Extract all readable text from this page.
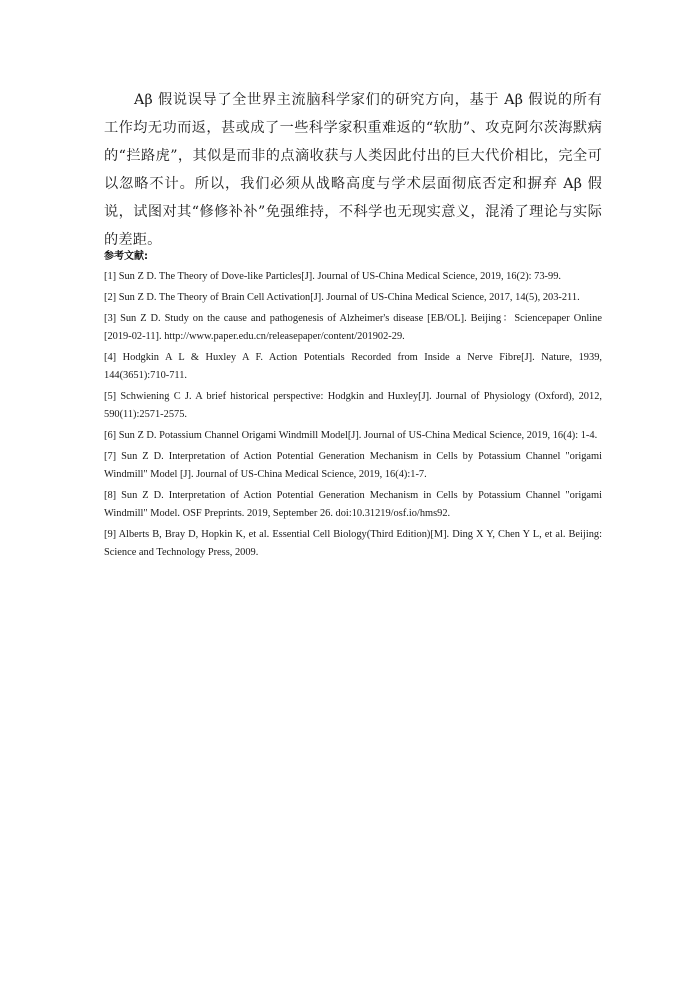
Aβ 假说误导了全世界主流脑科学家们的研究方向，基于 Aβ 假说的所有工作均无功而返，甚或成了一些科学家积重难返的“软肋”、攻克阿尔茨海默病的“拦路虎”，其似是而非的点滴收获与人类因此付出的巨大代价相比，完全可以忽略不计。所以，我们必须从战略高度与学术层面彻底否定和摒弃 Aβ 假说，试图对其“修修补补”免强维持，不科学也无现实意义，混淆了理论与实际的差距。

参考文献:
[1] Sun Z D. The Theory of Dove-like Particles[J]. Journal of US-China Medical Science, 2019, 16(2): 73-99.
[2] Sun Z D. The Theory of Brain Cell Activation[J]. Journal of US-China Medical Science, 2017, 14(5), 203-211.
[3] Sun Z D. Study on the cause and pathogenesis of Alzheimer's disease [EB/OL]. Beijing：Sciencepaper Online [2019-02-11]. http://www.paper.edu.cn/releasepaper/content/201902-29.
[4] Hodgkin A L & Huxley A F. Action Potentials Recorded from Inside a Nerve Fibre[J]. Nature, 1939, 144(3651):710-711.
[5] Schwiening C J. A brief historical perspective: Hodgkin and Huxley[J]. Journal of Physiology (Oxford), 2012, 590(11):2571-2575.
[6] Sun Z D. Potassium Channel Origami Windmill Model[J]. Journal of US-China Medical Science, 2019, 16(4): 1-4.
[7] Sun Z D. Interpretation of Action Potential Generation Mechanism in Cells by Potassium Channel "origami Windmill" Model [J]. Journal of US-China Medical Science, 2019, 16(4):1-7.
[8] Sun Z D. Interpretation of Action Potential Generation Mechanism in Cells by Potassium Channel "origami Windmill" Model. OSF Preprints. 2019, September 26. doi:10.31219/osf.io/hms92.
[9] Alberts B, Bray D, Hopkin K, et al. Essential Cell Biology(Third Edition)[M]. Ding X Y, Chen Y L, et al. Beijing: Science and Technology Press, 2009.
